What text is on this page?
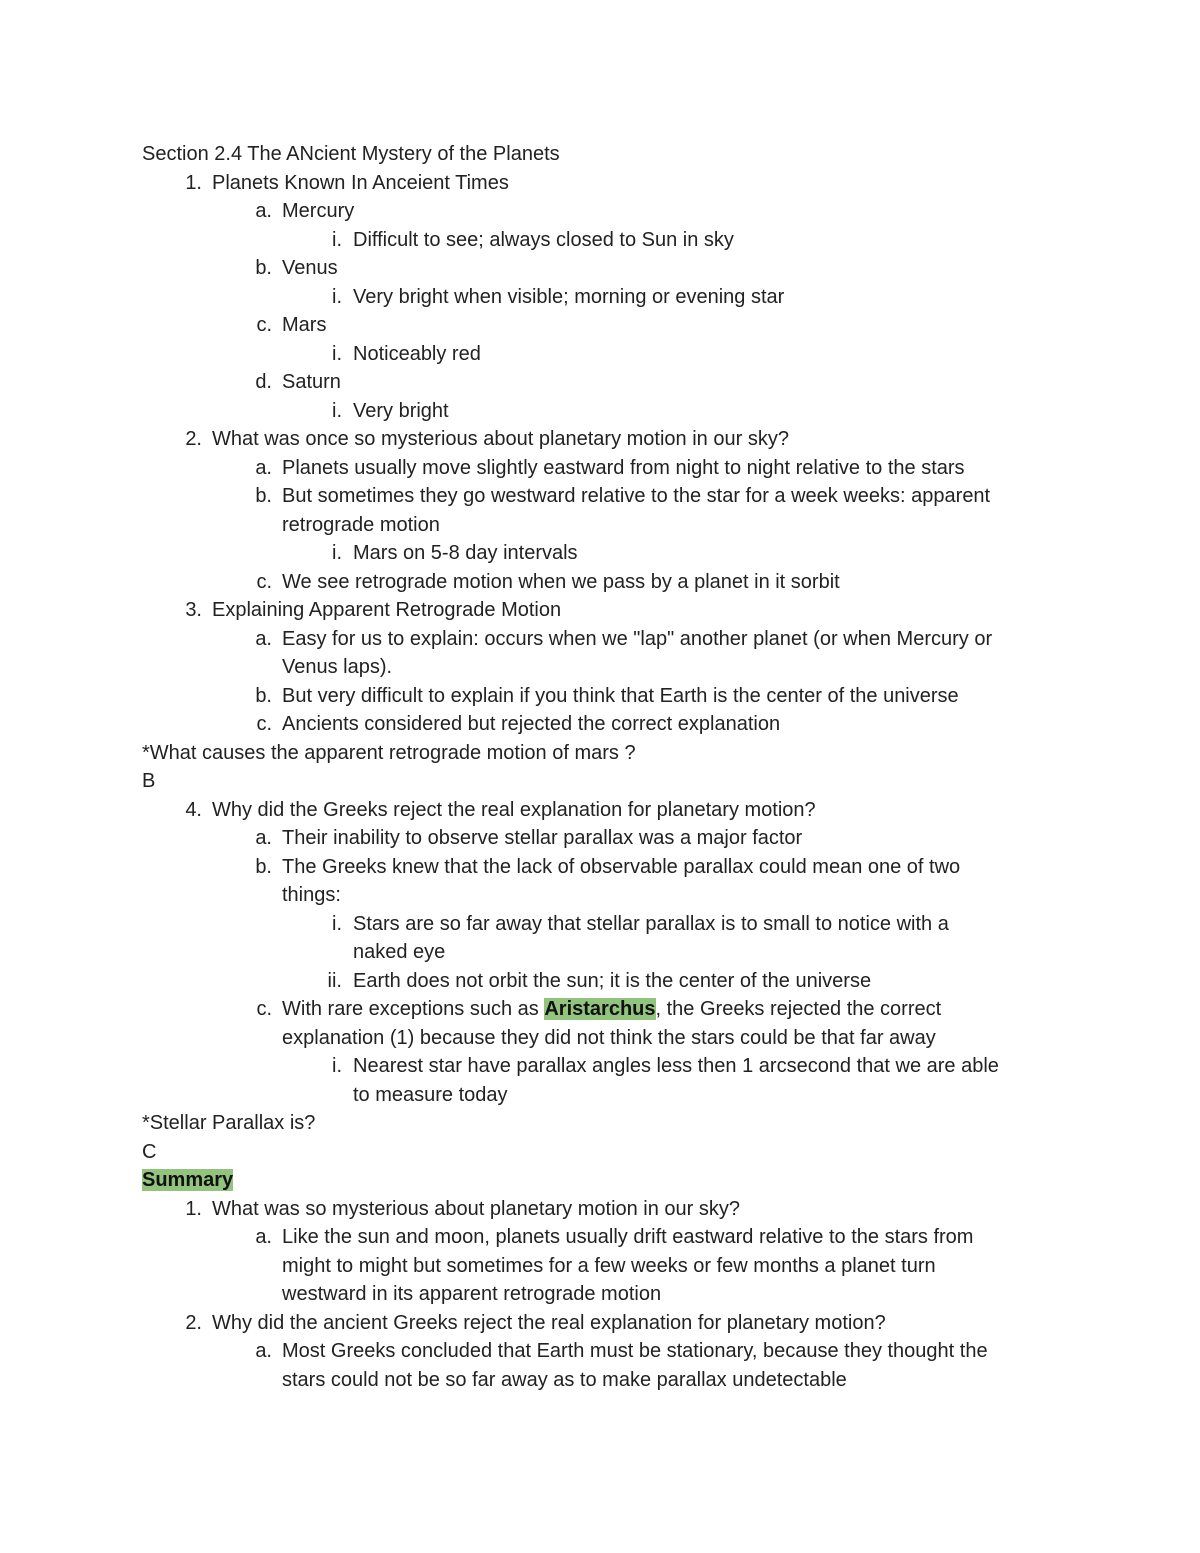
Section 2.4 The ANcient Mystery of the Planets
1. Planets Known In Anceient Times
a. Mercury
i. Difficult to see; always closed to Sun in sky
b. Venus
i. Very bright when visible; morning or evening star
c. Mars
i. Noticeably red
d. Saturn
i. Very bright
2. What was once so mysterious about planetary motion in our sky?
a. Planets usually move slightly eastward from night to night relative to the stars
b. But sometimes they go westward relative to the star for a week weeks: apparent
retrograde motion
i. Mars on 5-8 day intervals
c. We see retrograde motion when we pass by a planet in it sorbit
3. Explaining Apparent Retrograde Motion
a. Easy for us to explain: occurs when we "lap" another planet (or when Mercury or
Venus laps).
b. But very difficult to explain if you think that Earth is the center of the universe
c. Ancients considered but rejected the correct explanation
*What causes the apparent retrograde motion of mars ?
B
4. Why did the Greeks reject the real explanation for planetary motion?
a. Their inability to observe stellar parallax was a major factor
b. The Greeks knew that the lack of observable parallax could mean one of two
things:
i. Stars are so far away that stellar parallax is to small to notice with a
naked eye
ii. Earth does not orbit the sun; it is the center of the universe
c. With rare exceptions such as Aristarchus, the Greeks rejected the correct
explanation (1) because they did not think the stars could be that far away
i. Nearest star have parallax angles less then 1 arcsecond that we are able
to measure today
*Stellar Parallax is?
C
Summary
1. What was so mysterious about planetary motion in our sky?
a. Like the sun and moon, planets usually drift eastward relative to the stars from
might to might but sometimes for a few weeks or few months a planet turn
westward in its apparent retrograde motion
2. Why did the ancient Greeks reject the real explanation for planetary motion?
a. Most Greeks concluded that Earth must be stationary, because they thought the
stars could not be so far away as to make parallax undetectable
